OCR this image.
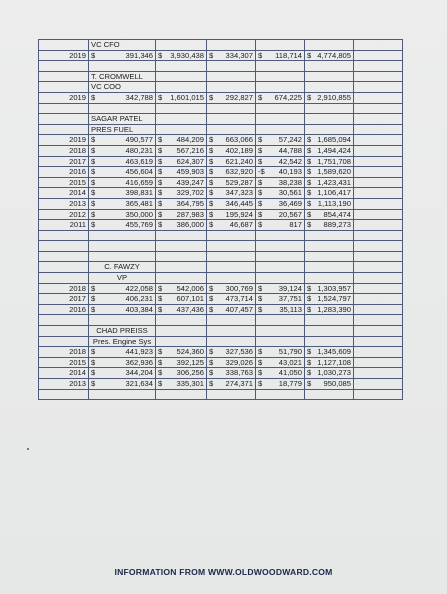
	VC CFO					
2019	$ 391,346	$ 3,930,438	$ 334,307	$ 118,714	$ 4,774,805	

	T. CROMWELL					
	VC COO					
2019	$ 342,788	$ 1,601,015	$ 292,827	$ 674,225	$ 2,910,855	

	SAGAR PATEL					
	PRES FUEL					
2019	$ 490,577	$ 484,209	$ 663,066	$ 57,242	$ 1,685,094	

2018	$ 480,231	$ 567,216	$ 402,189	$ 44,788	$ 1,494,424	

2017	$ 463,619	$ 624,307	$ 621,240	$ 42,542	$ 1,751,708	

2016	$ 456,604	$ 459,903	$ 632,920	-$ 40,193	$ 1,589,620	

2015	$ 416,659	$ 439,247	$ 529,287	$ 38,238	$ 1,423,431	

2014	$ 398,831	$ 329,702	$ 347,323	$ 30,561	$ 1,106,417	

2013	$ 365,481	$ 364,795	$ 346,445	$ 36,469	$ 1,113,190	

2012	$ 350,000	$ 287,983	$ 195,924	$ 20,567	$ 854,474	

2011	$ 455,769	$ 386,000	$ 46,687	$ 817	$ 889,273	

	C. FAWZY					
	VP					
2018	$ 422,058	$ 542,006	$ 300,769	$ 39,124	$ 1,303,957	

2017	$ 406,231	$ 607,101	$ 473,714	$ 37,751	$ 1,524,797	

2016	$ 403,384	$ 437,436	$ 407,457	$ 35,113	$ 1,283,390	

	CHAD PREISS					
	Pres. Engine Sys					
2018	$ 441,923	$ 524,360	$ 327,536	$ 51,790	$ 1,345,609	

2015	$ 362,936	$ 392,125	$ 329,026	$ 43,021	$ 1,127,108	

2014	$ 344,204	$ 306,256	$ 338,763	$ 41,050	$ 1,030,273	

2013	$ 321,634	$ 335,301	$ 274,371	$ 18,779	$ 950,085	

INFORMATION FROM WWW.OLDWOODWARD.COM
